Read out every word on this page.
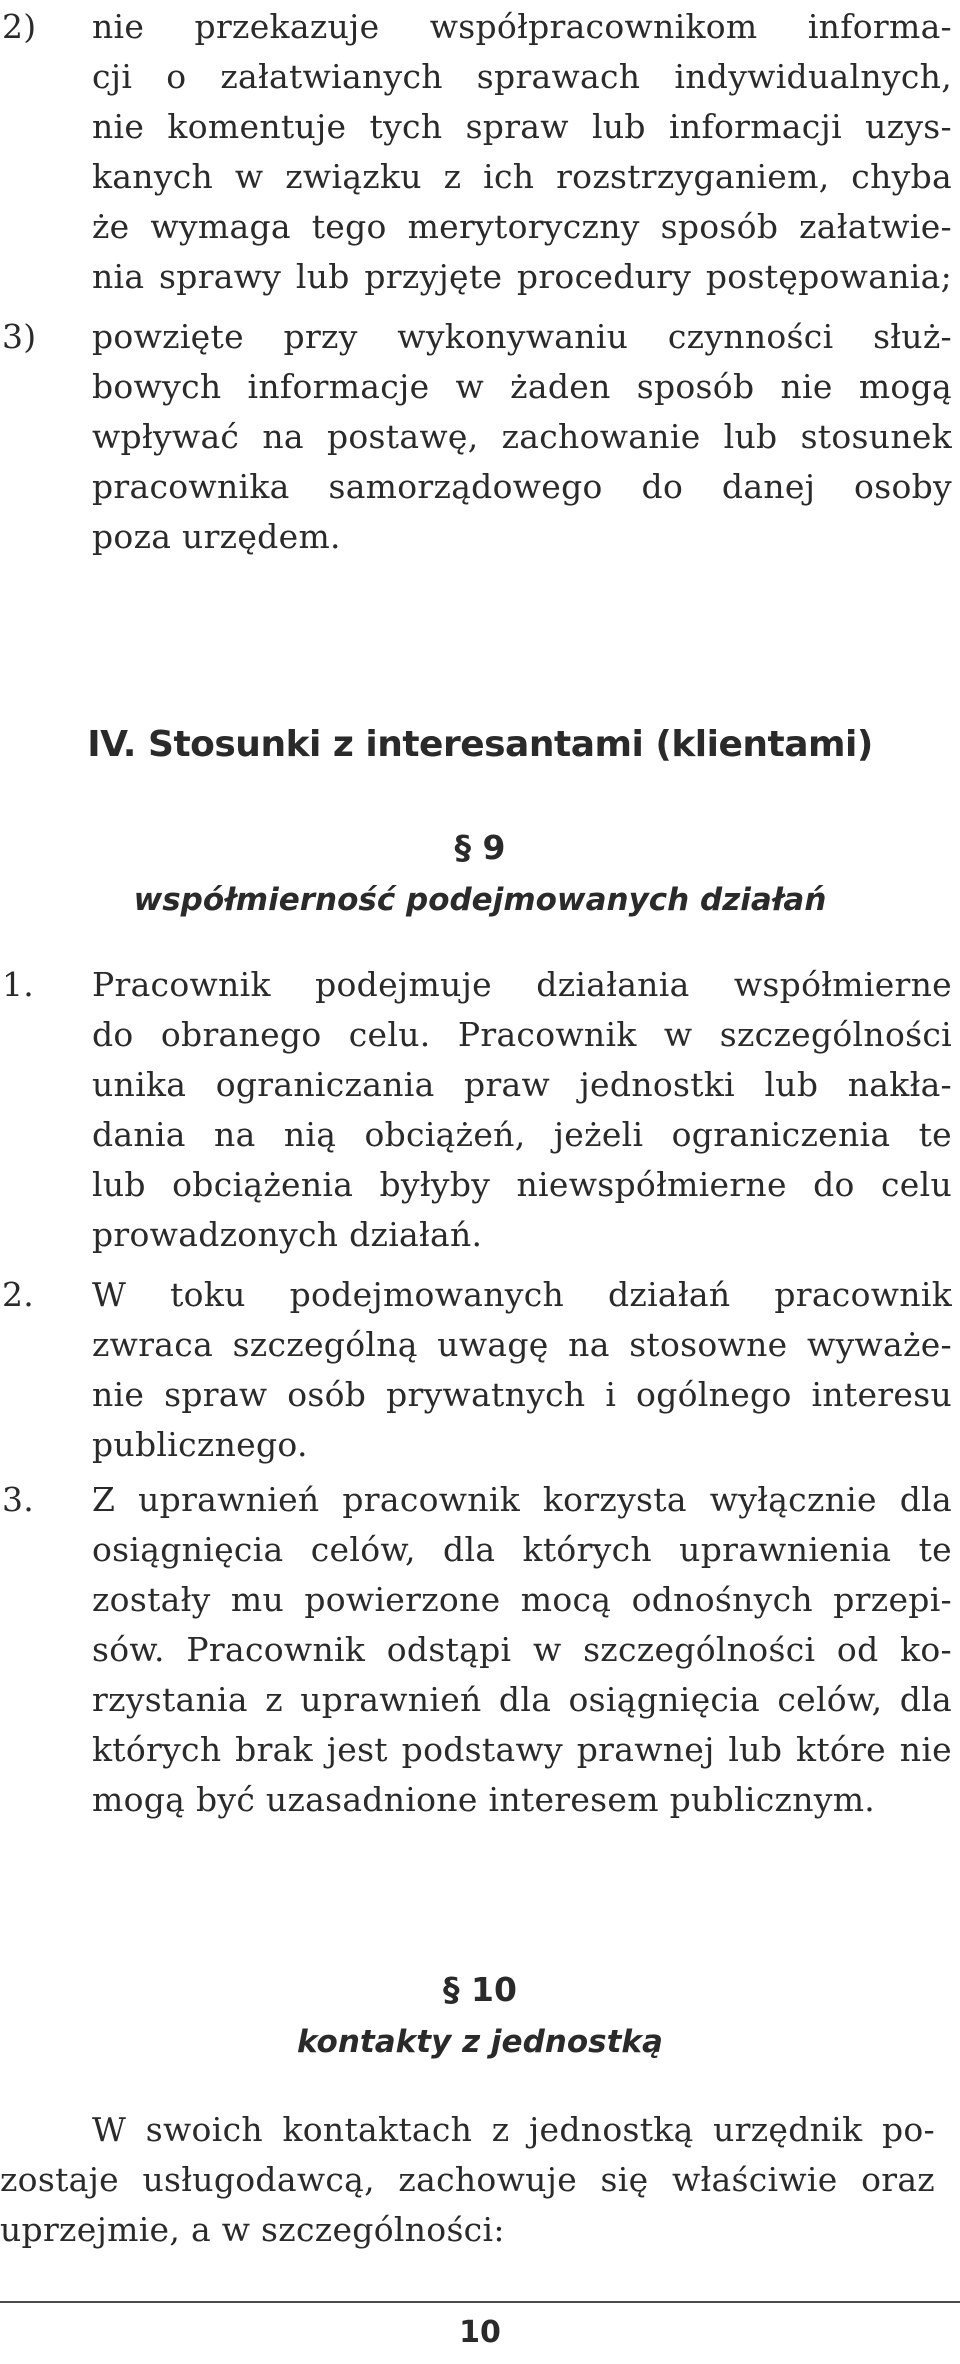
2) nie przekazuje współpracownikom informa-
cji o załatwianych sprawach indywidualnych,
nie komentuje tych spraw lub informacji uzys-
kanych w związku z ich rozstrzyganiem, chyba
że wymaga tego merytoryczny sposób załatwie-
nia sprawy lub przyjęte procedury postępowania;
3) powzięte przy wykonywaniu czynności służ-
bowych informacje w żaden sposób nie mogą
wpływać na postawę, zachowanie lub stosunek
pracownika samorządowego do danej osoby
poza urzędem.
IV. Stosunki z interesantami (klientami)
§ 9
współmierność podejmowanych działań
1. Pracownik podejmuje działania współmierne
do obranego celu. Pracownik w szczególności
unika ograniczania praw jednostki lub nakła-
dania na nią obciążeń, jeżeli ograniczenia te
lub obciążenia byłyby niewspółmierne do celu
prowadzonych działań.
2. W toku podejmowanych działań pracownik
zwraca szczególną uwagę na stosowne wyważe-
nie spraw osób prywatnych i ogólnego interesu
publicznego.
3. Z uprawnień pracownik korzysta wyłącznie dla
osiągnięcia celów, dla których uprawnienia te
zostały mu powierzone mocą odnośnych przepi-
sów. Pracownik odstąpi w szczególności od ko-
rzystania z uprawnień dla osiągnięcia celów, dla
których brak jest podstawy prawnej lub które nie
mogą być uzasadnione interesem publicznym.
§ 10
kontakty z jednostką
W swoich kontaktach z jednostką urzędnik po-
zostaje usługodawcą, zachowuje się właściwie oraz
uprzejmie, a w szczególności:
10
